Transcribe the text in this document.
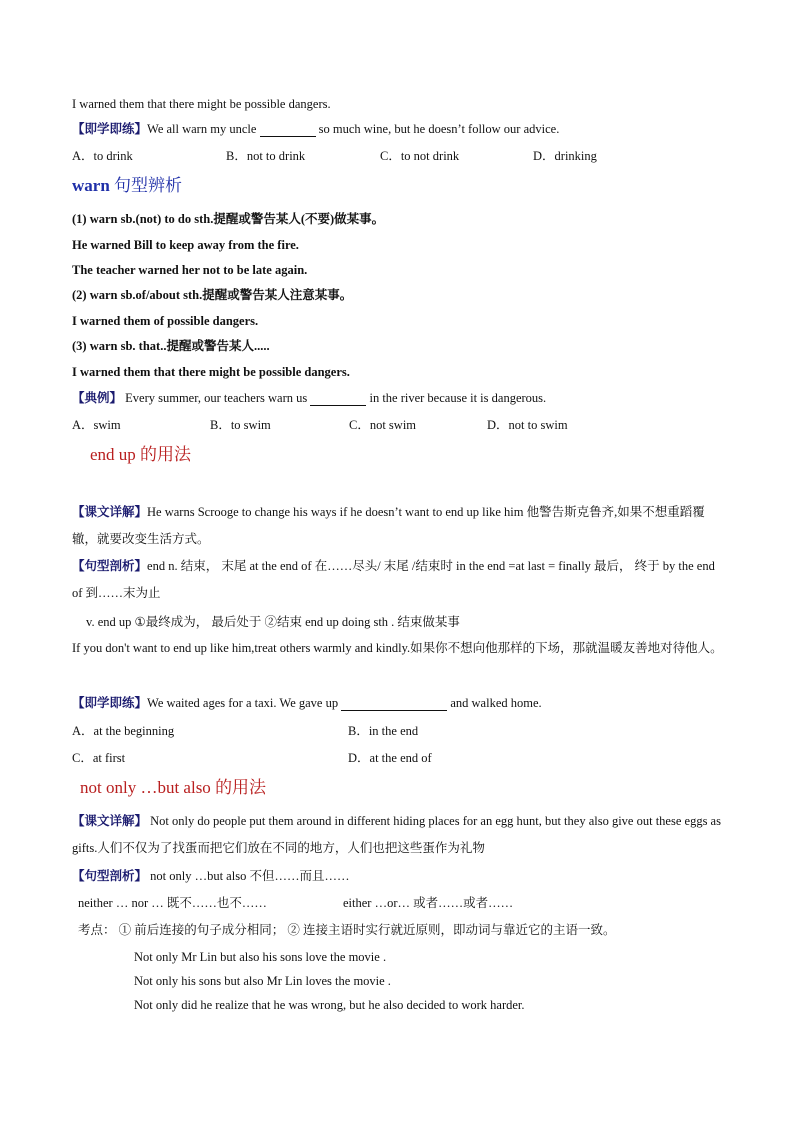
I warned them that there might be possible dangers.
【即学即练】We all warn my uncle	so much wine, but he doesn’t follow our advice.
A．to drink	B．not to drink	C．to not drink	D．drinking
warn 句型辨析
(1) warn sb.(not) to do sth.提醒或警告某人(不要)做某事。
He warned Bill to keep away from the fire.
The teacher warned her not to be late again.
(2) warn sb.of/about sth.提醒或警告某人注意某事。
I warned them of possible dangers.
(3) warn sb. that..提醒或警告某人.....
I warned them that there might be possible dangers.
【典例】 Every summer, our teachers warn us	in the river because it is dangerous.
A．swim	B．to swim	C．not swim	D．not to swim
end up 的用法
【课文详解】He warns Scrooge to change his ways if he doesn’t want to end up like him 他警告斯克鲁齐,如果不想重蹈覆辙，就要改变生活方式。
【句型剖析】end n. 结束， 末尾 at the end of 在……尽头/ 末尾 /结束时 in the end =at last = finally 最后， 终于 by the end of 到……末为止
v. end up ①最终成为， 最后处于 ②结束 end up doing sth . 结束做某事
If you don't want to end up like him,treat others warmly and kindly.如果你不想向他那样的下场，那就温暖友善地对待他人。
【即学即练】We waited ages for a taxi. We gave up	and walked home.
A．at the beginning	B．in the end
C．at first	D．at the end of
not only …but also 的用法
【课文详解】 Not only do people put them around in different hiding places for an egg hunt, but they also give out these eggs as gifts.人们不仅为了找蛋而把它们放在不同的地方，人们也把这些蛋作为礼物
【句型剖析】 not only …but also 不但……而且……
neither … nor … 既不……也不……	either …or… 或者……或者……
考点： ① 前后连接的句子成分相同； ② 连接主语时实行就近原则，即动词与靠近它的主语一致。
Not only Mr Lin but also his sons love the movie .
Not only his sons but also Mr Lin loves the movie .
Not only did he realize that he was wrong, but he also decided to work harder.
